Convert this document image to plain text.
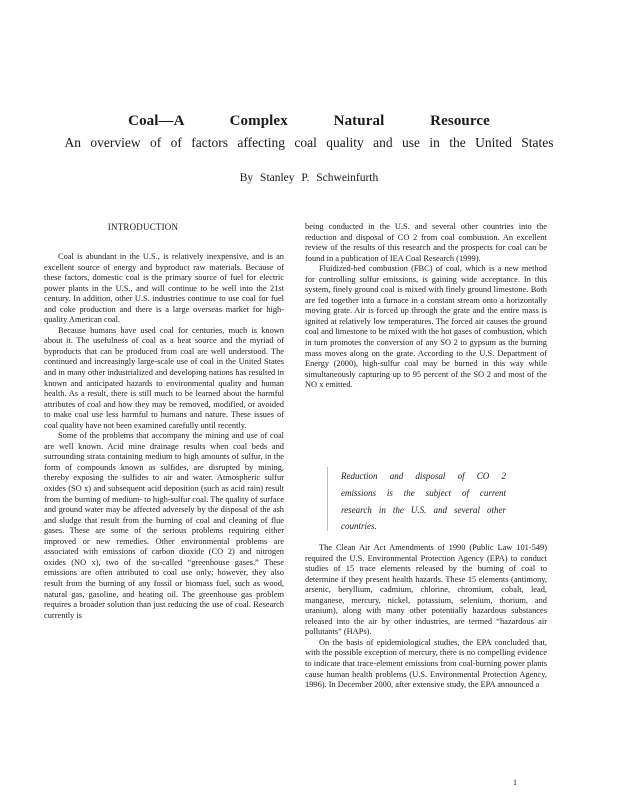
Coal—A Complex Natural Resource
An overview of of factors affecting coal quality and use in the United States
By Stanley P. Schweinfurth
INTRODUCTION

Coal is abundant in the U.S., is relatively inexpensive, and is an excellent source of energy and byproduct raw materials. Because of these factors, domestic coal is the primary source of fuel for electric power plants in the U.S., and will continue to be well into the 21st century. In addition, other U.S. industries continue to use coal for fuel and coke production and there is a large overseas market for high-quality American coal.

Because humans have used coal for centuries, much is known about it. The usefulness of coal as a heat source and the myriad of byproducts that can be produced from coal are well understood. The continued and increasingly large-scale use of coal in the United States and in many other industrialized and developing nations has resulted in known and anticipated hazards to environmental quality and human health. As a result, there is still much to be learned about the harmful attributes of coal and how they may be removed, modified, or avoided to make coal use less harmful to humans and nature. These issues of coal quality have not been examined carefully until recently.

Some of the problems that accompany the mining and use of coal are well known. Acid mine drainage results when coal beds and surrounding strata containing medium to high amounts of sulfur, in the form of compounds known as sulfides, are disrupted by mining, thereby exposing the sulfides to air and water. Atmospheric sulfur oxides (SO x) and subsequent acid deposition (such as acid rain) result from the burning of medium- to high-sulfur coal. The quality of surface and ground water may be affected adversely by the disposal of the ash and sludge that result from the burning of coal and cleaning of flue gases. These are some of the serious problems requiring either improved or new remedies. Other environmental problems are associated with emissions of carbon dioxide (CO 2) and nitrogen oxides (NO x), two of the so-called “greenhouse gases.” These emissions are often attributed to coal use only; however, they also result from the burning of any fossil or biomass fuel, such as wood, natural gas, gasoline, and heating oil. The greenhouse gas problem requires a broader solution than just reducing the use of coal. Research currently is

being conducted in the U.S. and several other countries into the reduction and disposal of CO 2 from coal combustion. An excellent review of the results of this research and the prospects for coal can be found in a publication of IEA Coal Research (1999).

Fluidized-bed combustion (FBC) of coal, which is a new method for controlling sulfur emissions, is gaining wide acceptance. In this system, finely ground coal is mixed with finely ground limestone. Both are fed together into a furnace in a constant stream onto a horizontally moving grate. Air is forced up through the grate and the entire mass is ignited at relatively low temperatures. The forced air causes the ground coal and limestone to be mixed with the hot gases of combustion, which in turn promotes the conversion of any SO 2 to gypsum as the burning mass moves along on the grate. According to the U.S. Department of Energy (2000), high-sulfur coal may be burned in this way while simultaneously capturing up to 95 percent of the SO 2 and most of the NO x emitted.

Reduction and disposal of CO 2 emissions is the subject of current research in the U.S. and several other countries.

The Clean Air Act Amendments of 1990 (Public Law 101-549) required the U.S. Environmental Protection Agency (EPA) to conduct studies of 15 trace elements released by the burning of coal to determine if they present health hazards. These 15 elements (antimony, arsenic, beryllium, cadmium, chlorine, chromium, cobalt, lead, manganese, mercury, nickel, potassium, selenium, thorium, and uranium), along with many other potentially hazardous substances released into the air by other industries, are termed “hazardous air pollutants” (HAPs).

On the basis of epidemiological studies, the EPA concluded that, with the possible exception of mercury, there is no compelling evidence to indicate that trace-element emissions from coal-burning power plants cause human health problems (U.S. Environmental Protection Agency, 1996). In December 2000, after extensive study, the EPA announced a

1
